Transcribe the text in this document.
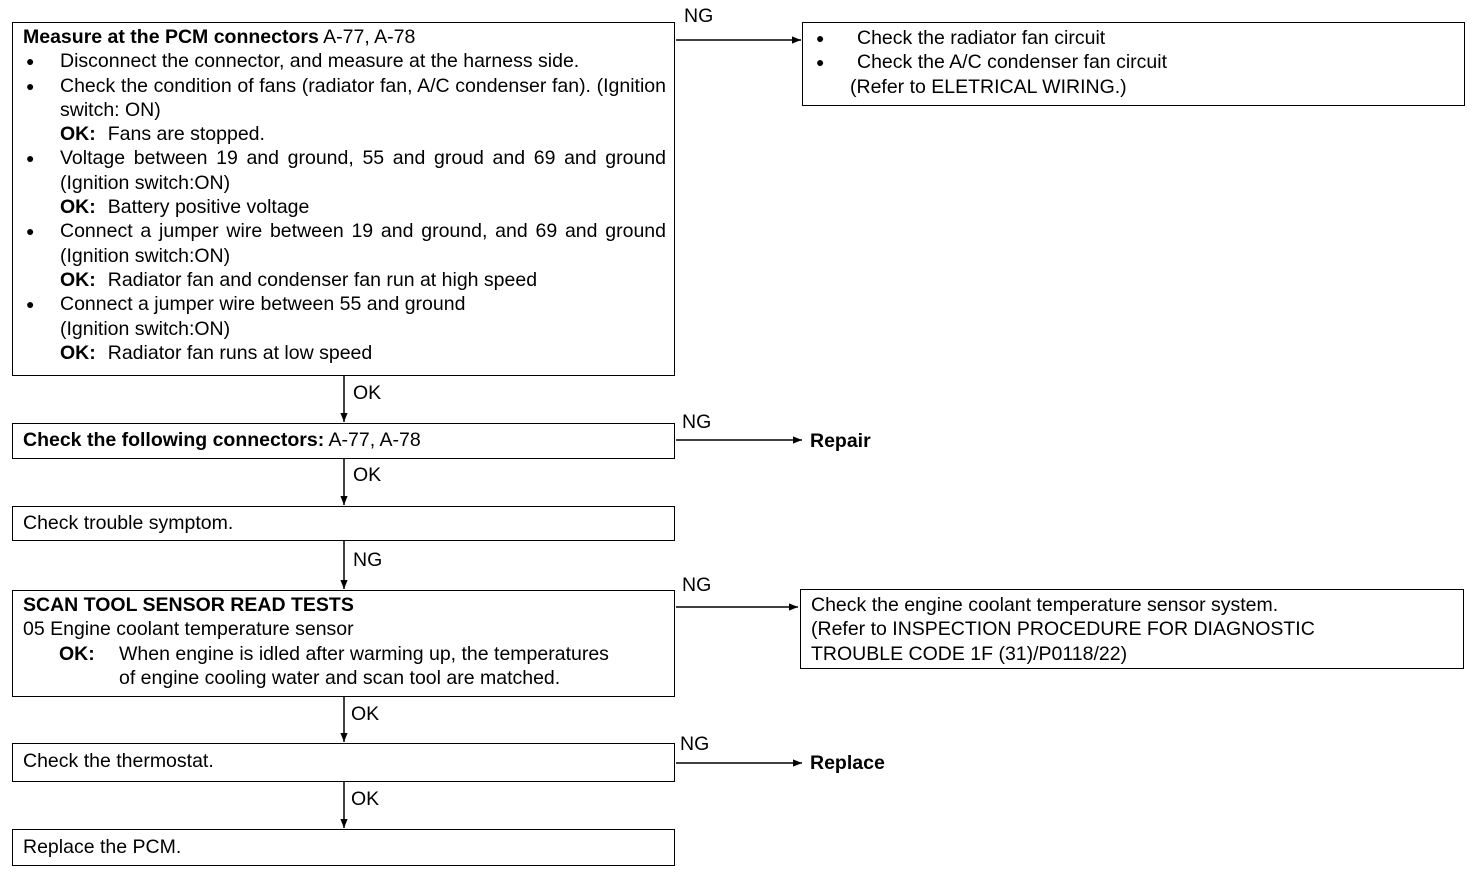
Measure at the PCM connectors A-77, A-78
● Disconnect the connector, and measure at the harness side.
● Check the condition of fans (radiator fan, A/C condenser fan). (Ignition switch: ON)
OK: Fans are stopped.
● Voltage between 19 and ground, 55 and groud and 69 and ground (Ignition switch:ON)
OK: Battery positive voltage
● Connect a jumper wire between 19 and ground, and 69 and ground (Ignition switch:ON)
OK: Radiator fan and condenser fan run at high speed
● Connect a jumper wire between 55 and ground
(Ignition switch:ON)
OK: Radiator fan runs at low speed
● Check the radiator fan circuit
● Check the A/C condenser fan circuit
(Refer to ELETRICAL WIRING.)
Check the following connectors: A-77, A-78	Repair
Check trouble symptom.
SCAN TOOL SENSOR READ TESTS
05 Engine coolant temperature sensor
OK: When engine is idled after warming up, the temperatures
of engine cooling water and scan tool are matched.
Check the engine coolant temperature sensor system.
(Refer to INSPECTION PROCEDURE FOR DIAGNOSTIC
TROUBLE CODE 1F (31)/P0118/22)
Check the thermostat.	Replace
Replace the PCM.
NG
OK
NG
OK
NG
NG
OK
NG
OK
